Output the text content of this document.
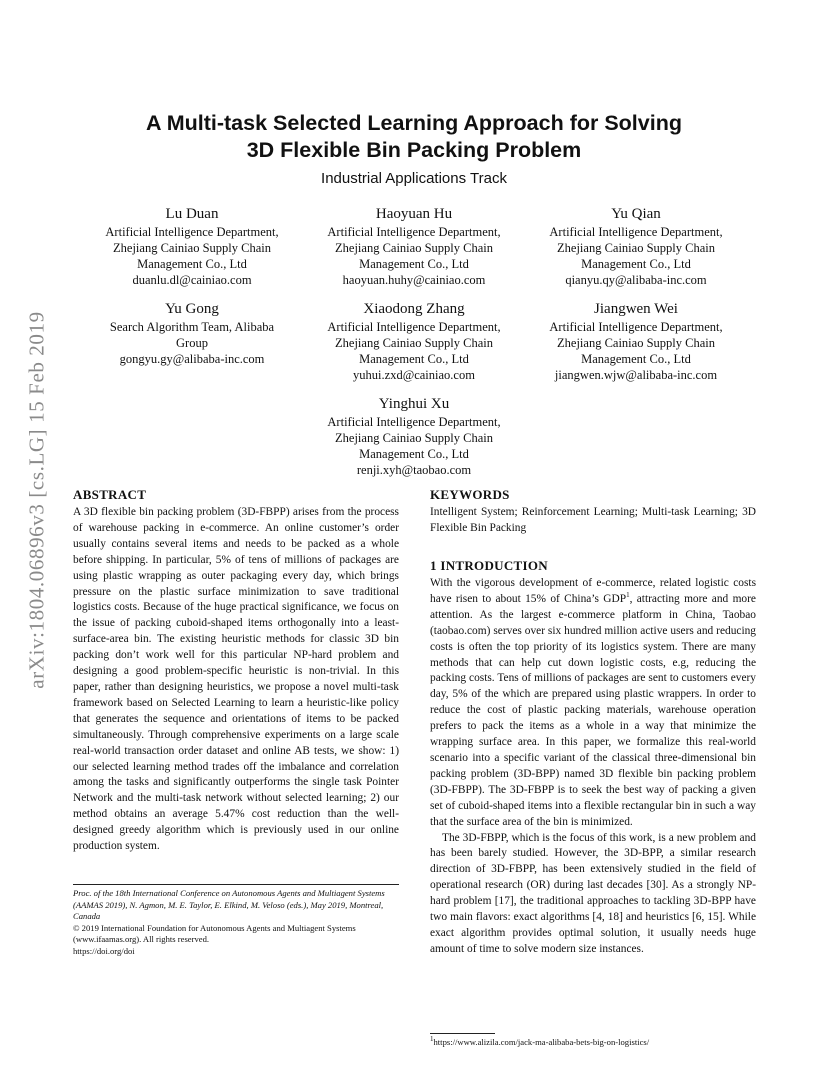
arXiv:1804.06896v3 [cs.LG] 15 Feb 2019
A Multi-task Selected Learning Approach for Solving
3D Flexible Bin Packing Problem
Industrial Applications Track
Lu Duan
Artificial Intelligence Department,
Zhejiang Cainiao Supply Chain
Management Co., Ltd
duanlu.dl@cainiao.com
Haoyuan Hu
Artificial Intelligence Department,
Zhejiang Cainiao Supply Chain
Management Co., Ltd
haoyuan.huhy@cainiao.com
Yu Qian
Artificial Intelligence Department,
Zhejiang Cainiao Supply Chain
Management Co., Ltd
qianyu.qy@alibaba-inc.com
Yu Gong
Search Algorithm Team, Alibaba
Group
gongyu.gy@alibaba-inc.com
Xiaodong Zhang
Artificial Intelligence Department,
Zhejiang Cainiao Supply Chain
Management Co., Ltd
yuhui.zxd@cainiao.com
Jiangwen Wei
Artificial Intelligence Department,
Zhejiang Cainiao Supply Chain
Management Co., Ltd
jiangwen.wjw@alibaba-inc.com
Yinghui Xu
Artificial Intelligence Department,
Zhejiang Cainiao Supply Chain
Management Co., Ltd
renji.xyh@taobao.com
ABSTRACT

A 3D flexible bin packing problem (3D-FBPP) arises from the process of warehouse packing in e-commerce. An online customer’s order usually contains several items and needs to be packed as a whole before shipping. In particular, 5% of tens of millions of packages are using plastic wrapping as outer packaging every day, which brings pressure on the plastic surface minimization to save traditional logistics costs. Because of the huge practical significance, we focus on the issue of packing cuboid-shaped items orthogonally into a least-surface-area bin. The existing heuristic methods for classic 3D bin packing don’t work well for this particular NP-hard problem and designing a good problem-specific heuristic is non-trivial. In this paper, rather than designing heuristics, we propose a novel multi-task framework based on Selected Learning to learn a heuristic-like policy that generates the sequence and orientations of items to be packed simultaneously. Through comprehensive experiments on a large scale real-world transaction order dataset and online AB tests, we show: 1) our selected learning method trades off the imbalance and correlation among the tasks and significantly outperforms the single task Pointer Network and the multi-task network without selected learning; 2) our method obtains an average 5.47% cost reduction than the well-designed greedy algorithm which is previously used in our online production system.

Proc. of the 18th International Conference on Autonomous Agents and Multiagent Systems (AAMAS 2019), N. Agmon, M. E. Taylor, E. Elkind, M. Veloso (eds.), May 2019, Montreal, Canada
© 2019 International Foundation for Autonomous Agents and Multiagent Systems (www.ifaamas.org). All rights reserved.
https://doi.org/doi
KEYWORDS

Intelligent System; Reinforcement Learning; Multi-task Learning; 3D Flexible Bin Packing

1 INTRODUCTION

With the vigorous development of e-commerce, related logistic costs have risen to about 15% of China’s GDP$^1$, attracting more and more attention. As the largest e-commerce platform in China, Taobao (taobao.com) serves over six hundred million active users and reducing costs is often the top priority of its logistics system. There are many methods that can help cut down logistic costs, e.g, reducing the packing costs. Tens of millions of packages are sent to customers every day, 5% of the which are prepared using plastic wrappers. In order to reduce the cost of plastic packing materials, warehouse operation prefers to pack the items as a whole in a way that minimize the wrapping surface area. In this paper, we formalize this real-world scenario into a specific variant of the classical three-dimensional bin packing problem (3D-BPP) named 3D flexible bin packing problem (3D-FBPP). The 3D-FBPP is to seek the best way of packing a given set of cuboid-shaped items into a flexible rectangular bin in such a way that the surface area of the bin is minimized.

The 3D-FBPP, which is the focus of this work, is a new problem and has been barely studied. However, the 3D-BPP, a similar research direction of 3D-FBPP, has been extensively studied in the field of operational research (OR) during last decades [30]. As a strongly NP-hard problem [17], the traditional approaches to tackling 3D-BPP have two main flavors: exact algorithms [4, 18] and heuristics [6, 15]. While exact algorithm provides optimal solution, it usually needs huge amount of time to solve modern size instances.

$^1$https://www.alizila.com/jack-ma-alibaba-bets-big-on-logistics/
